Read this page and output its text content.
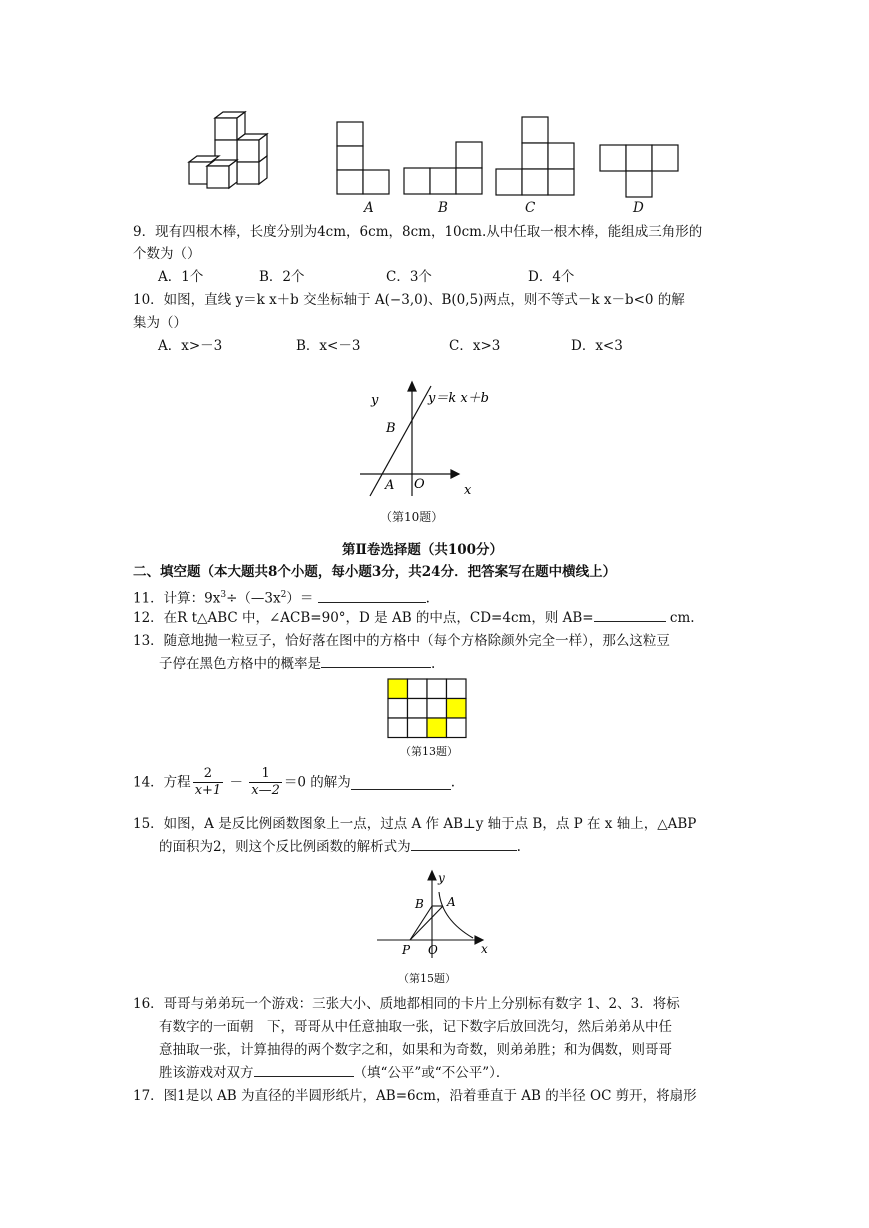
A	B	C	D
9．现有四根木棒，长度分别为4cm，6cm，8cm，10cm.从中任取一根木棒，能组成三角形的
个数为（）
A．1个	B．2个	C．3个	D．4个
10．如图，直线 y＝k x＋b 交坐标轴于 A(−3,0)、B(0,5)两点，则不等式－k x－b<0 的解
集为（）
A．x>－3	B．x<－3	C．x>3	D．x<3
y	y＝k x＋b
B
A O	x
（第10题）
第Ⅱ卷选择题（共100分）
二、填空题（本大题共8个小题，每小题3分，共24分．把答案写在题中横线上）
11．计算：$9x^3\div(—3x^2)=$	.
12．在R t△ABC 中，∠ACB=90°，D 是 AB 的中点，CD=4cm，则 AB=	cm.
13．随意地抛一粒豆子，恰好落在图中的方格中（每个方格除颜外完全一样），那么这粒豆
子停在黑色方格中的概率是	.
（第13题）
14．方程 $\frac{2}{x+1} - \frac{1}{x—2} =0$ 的解为	.
15．如图，A 是反比例函数图象上一点，过点 A 作 AB⊥y 轴于点 B，点 P 在 x 轴上，△ABP
的面积为2，则这个反比例函数的解析式为	.
y
B A
P O	x
（第15题）
16．哥哥与弟弟玩一个游戏：三张大小、质地都相同的卡片上分别标有数字 1、2、3．将标
有数字的一面朝　下，哥哥从中任意抽取一张，记下数字后放回洗匀，然后弟弟从中任
意抽取一张，计算抽得的两个数字之和，如果和为奇数，则弟弟胜；和为偶数，则哥哥
胜该游戏对双方	（填“公平”或“不公平”）．
17．图1是以 AB 为直径的半圆形纸片，AB=6cm，沿着垂直于 AB 的半径 OC 剪开，将扇形
